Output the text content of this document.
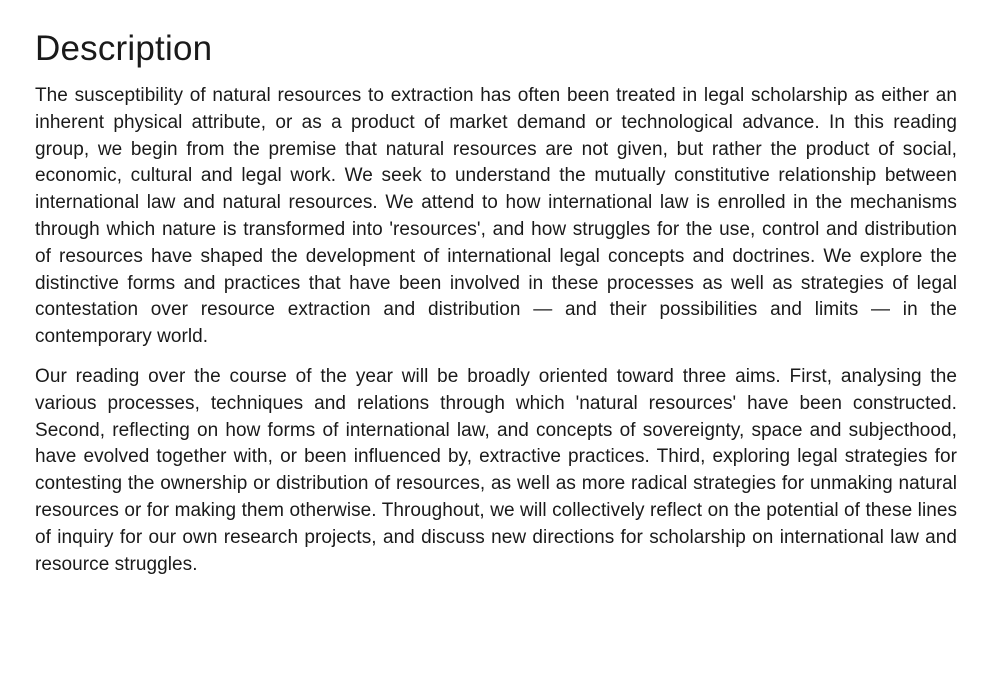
Description

The susceptibility of natural resources to extraction has often been treated in legal scholarship as either an inherent physical attribute, or as a product of market demand or technological advance. In this reading group, we begin from the premise that natural resources are not given, but rather the product of social, economic, cultural and legal work. We seek to understand the mutually constitutive relationship between international law and natural resources. We attend to how international law is enrolled in the mechanisms through which nature is transformed into 'resources', and how struggles for the use, control and distribution of resources have shaped the development of international legal concepts and doctrines. We explore the distinctive forms and practices that have been involved in these processes as well as strategies of legal contestation over resource extraction and distribution — and their possibilities and limits — in the contemporary world.

Our reading over the course of the year will be broadly oriented toward three aims. First, analysing the various processes, techniques and relations through which 'natural resources' have been constructed. Second, reflecting on how forms of international law, and concepts of sovereignty, space and subjecthood, have evolved together with, or been influenced by, extractive practices. Third, exploring legal strategies for contesting the ownership or distribution of resources, as well as more radical strategies for unmaking natural resources or for making them otherwise. Throughout, we will collectively reflect on the potential of these lines of inquiry for our own research projects, and discuss new directions for scholarship on international law and resource struggles.
